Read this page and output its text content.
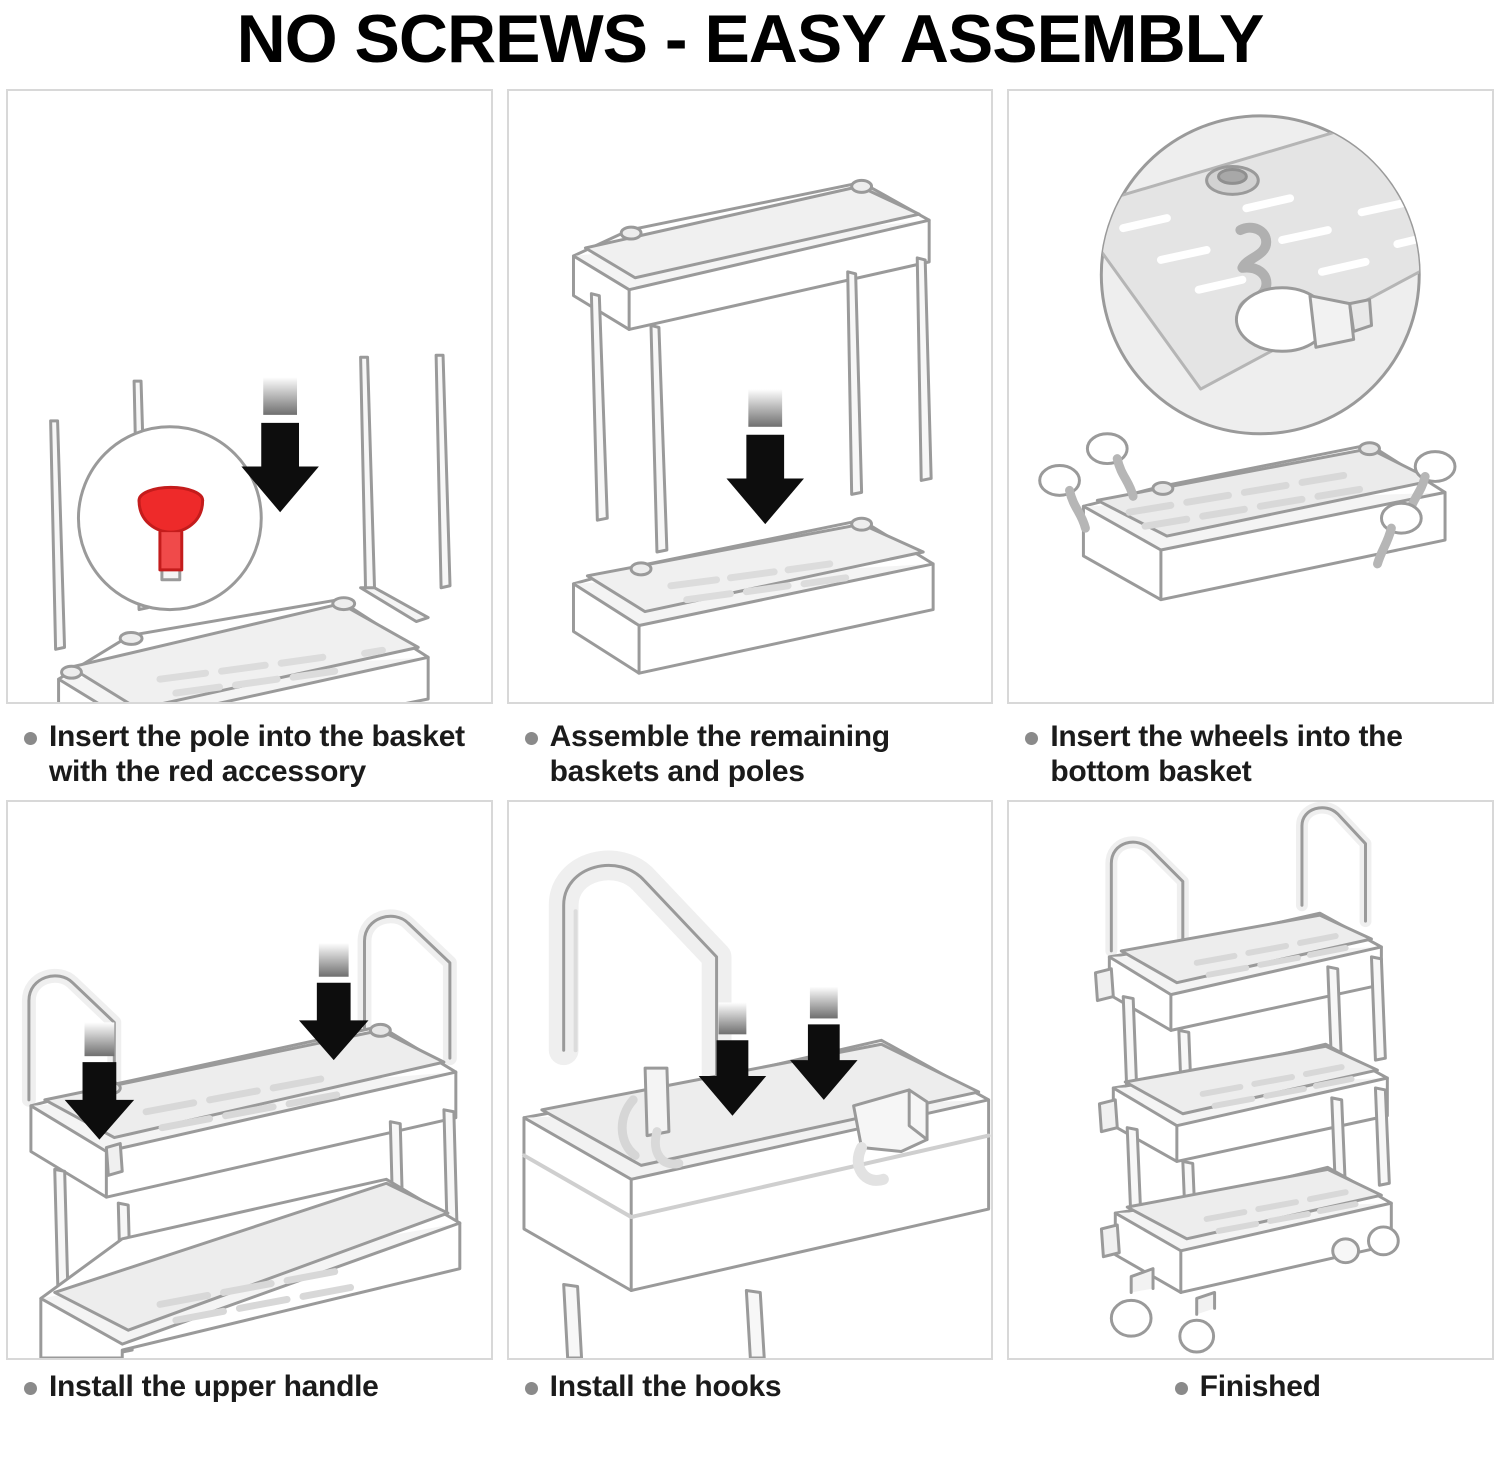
NO SCREWS - EASY ASSEMBLY
Insert the pole into the basket with the red accessory
Assemble the remaining baskets and poles
Insert the wheels into the bottom basket
Install the upper handle	Install the hooks	Finished
